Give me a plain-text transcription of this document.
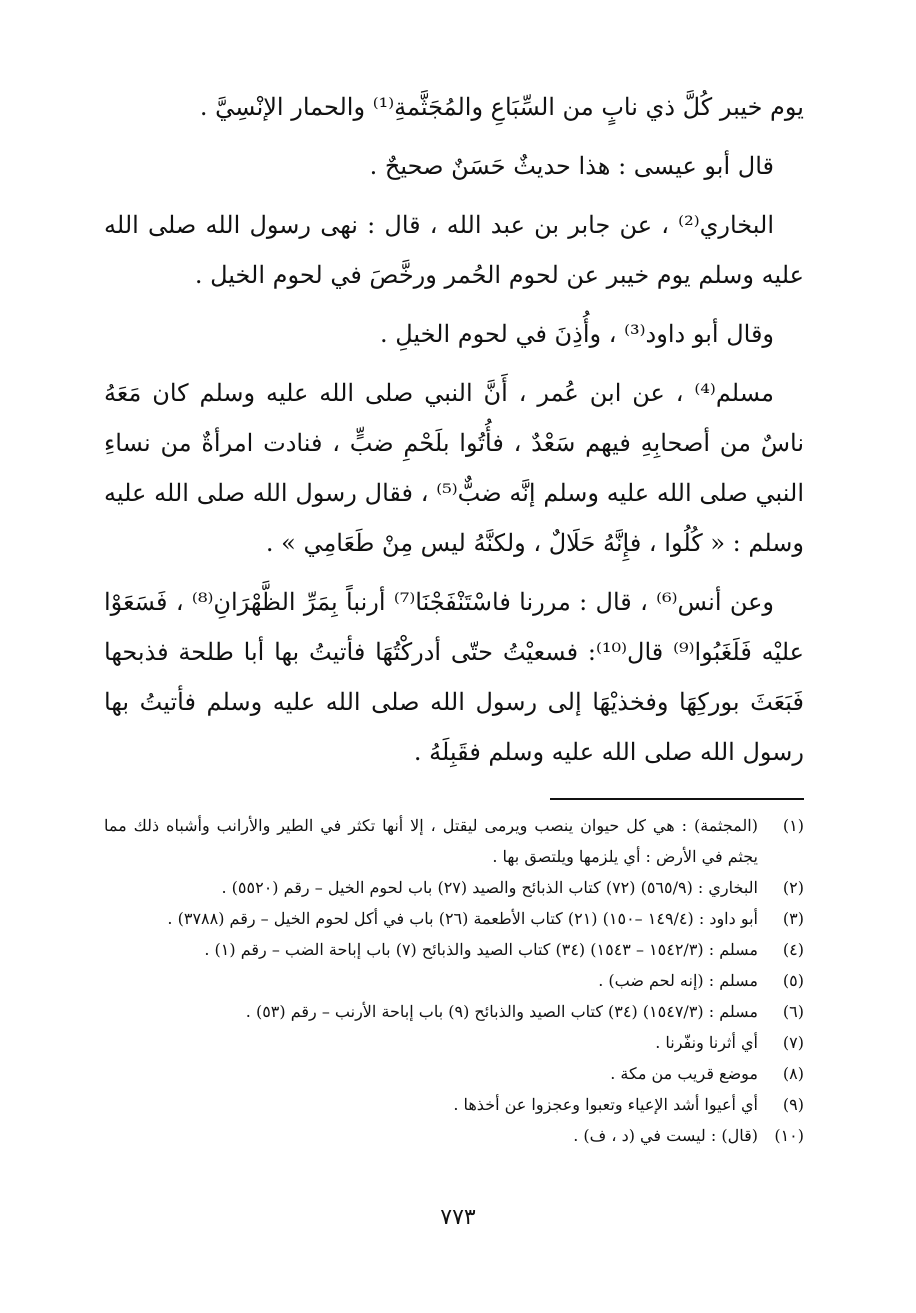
يوم خيبر كُلَّ ذي نابٍ من السِّبَاعِ والمُجَثَّمةِ⁽¹⁾ والحمار الإنْسِيَّ .

قال أبو عيسى : هذا حديثٌ حَسَنٌ صحيحٌ .

البخاري⁽²⁾ ، عن جابر بن عبد الله ، قال : نهى رسول الله صلى الله عليه وسلم يوم خيبر عن لحوم الحُمر ورخَّصَ في لحوم الخيل .

وقال أبو داود⁽³⁾ ، وأُذِنَ في لحوم الخيلِ .

مسلم⁽⁴⁾ ، عن ابن عُمر ، أَنَّ النبي صلى الله عليه وسلم كان مَعَهُ ناسٌ من أصحابِهِ فيهم سَعْدٌ ، فأُتُوا بلَحْمِ ضبٍّ ، فنادت امرأةٌ من نساءِ النبي صلى الله عليه وسلم إنَّه ضبٌّ⁽⁵⁾ ، فقال رسول الله صلى الله عليه وسلم : « كُلُوا ، فإِنَّهُ حَلَالٌ ، ولكنَّهُ ليس مِنْ طَعَامِي » .

وعن أنس⁽⁶⁾ ، قال : مررنا فاسْتَنْفَجْنَا⁽⁷⁾ أرنباً بِمَرِّ الظَّهْرَانِ⁽⁸⁾ ، فَسَعَوْا عليْه فَلَغَبُوا⁽⁹⁾ قال⁽¹⁰⁾: فسعيْتُ حتّى أدركْتُهَا فأتيتُ بها أبا طلحة فذبحها فَبَعَثَ بوركِهَا وفخذيْهَا إلى رسول الله صلى الله عليه وسلم فأتيتُ بها رسول الله صلى الله عليه وسلم فقَبِلَهُ .

(١)
(المجثمة) : هي كل حيوان ينصب ويرمى ليقتل ، إلا أنها تكثر في الطير والأرانب وأشباه ذلك مما يجثم في الأرض : أي يلزمها ويلتصق بها .
(٢)
البخاري : (٥٦٥/٩) (٧٢) كتاب الذبائح والصيد (٢٧) باب لحوم الخيل – رقم (٥٥٢٠) .
(٣)
أبو داود : (١٤٩/٤ –١٥٠) (٢١) كتاب الأطعمة (٢٦) باب في أكل لحوم الخيل – رقم (٣٧٨٨) .
(٤)
مسلم : (١٥٤٢/٣ – ١٥٤٣) (٣٤) كتاب الصيد والذبائح (٧) باب إباحة الضب – رقم (١) .
(٥)
مسلم : (إنه لحم ضب) .
(٦)
مسلم : (١٥٤٧/٣) (٣٤) كتاب الصيد والذبائح (٩) باب إباحة الأرنب – رقم (٥٣) .
(٧)
أي أثرنا ونفّرنا .
(٨)
موضع قريب من مكة .
(٩)
أي أعيوا أشد الإعياء وتعبوا وعجزوا عن أخذها .
(١٠)
(قال) : ليست في (د ، ف) .
٧٧٣
